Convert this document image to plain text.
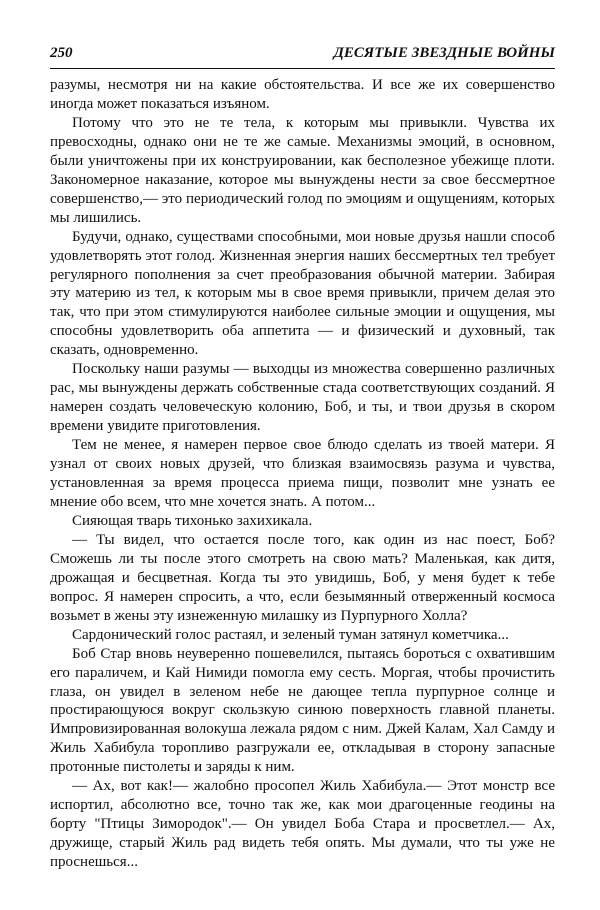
250	ДЕСЯТЫЕ ЗВЕЗДНЫЕ ВОЙНЫ

разумы, несмотря ни на какие обстоятельства. И все же их совершенство иногда может показаться изъяном.

Потому что это не те тела, к которым мы привыкли. Чувства их превосходны, однако они не те же самые. Механизмы эмоций, в основном, были уничтожены при их конструировании, как бесполезное убежище плоти. Закономерное наказание, которое мы вынуждены нести за свое бессмертное совершенство,— это периодический голод по эмоциям и ощущениям, которых мы лишились.

Будучи, однако, существами способными, мои новые друзья нашли способ удовлетворять этот голод. Жизненная энергия наших бессмертных тел требует регулярного пополнения за счет преобразования обычной материи. Забирая эту материю из тел, к которым мы в свое время привыкли, причем делая это так, что при этом стимулируются наиболее сильные эмоции и ощущения, мы способны удовлетворить оба аппетита — и физический и духовный, так сказать, одновременно.

Поскольку наши разумы — выходцы из множества совершенно различных рас, мы вынуждены держать собственные стада соответствующих созданий. Я намерен создать человеческую колонию, Боб, и ты, и твои друзья в скором времени увидите приготовления.

Тем не менее, я намерен первое свое блюдо сделать из твоей матери. Я узнал от своих новых друзей, что близкая взаимосвязь разума и чувства, установленная за время процесса приема пищи, позволит мне узнать ее мнение обо всем, что мне хочется знать. А потом...

Сияющая тварь тихонько захихикала.

— Ты видел, что остается после того, как один из нас поест, Боб? Сможешь ли ты после этого смотреть на свою мать? Маленькая, как дитя, дрожащая и бесцветная. Когда ты это увидишь, Боб, у меня будет к тебе вопрос. Я намерен спросить, а что, если безымянный отверженный космоса возьмет в жены эту изнеженную милашку из Пурпурного Холла?

Сардонический голос растаял, и зеленый туман затянул кометчика...

Боб Стар вновь неуверенно пошевелился, пытаясь бороться с охватившим его параличем, и Кай Нимиди помогла ему сесть. Моргая, чтобы прочистить глаза, он увидел в зеленом небе не дающее тепла пурпурное солнце и простирающуюся вокруг скользкую синюю поверхность главной планеты. Импровизированная волокуша лежала рядом с ним. Джей Калам, Хал Самду и Жиль Хабибула торопливо разгружали ее, откладывая в сторону запасные протонные пистолеты и заряды к ним.

— Ах, вот как!— жалобно просопел Жиль Хабибула.— Этот монстр все испортил, абсолютно все, точно так же, как мои драгоценные геодины на борту "Птицы Зимородок".— Он увидел Боба Стара и просветлел.— Ах, дружище, старый Жиль рад видеть тебя опять. Мы думали, что ты уже не проснешься...
